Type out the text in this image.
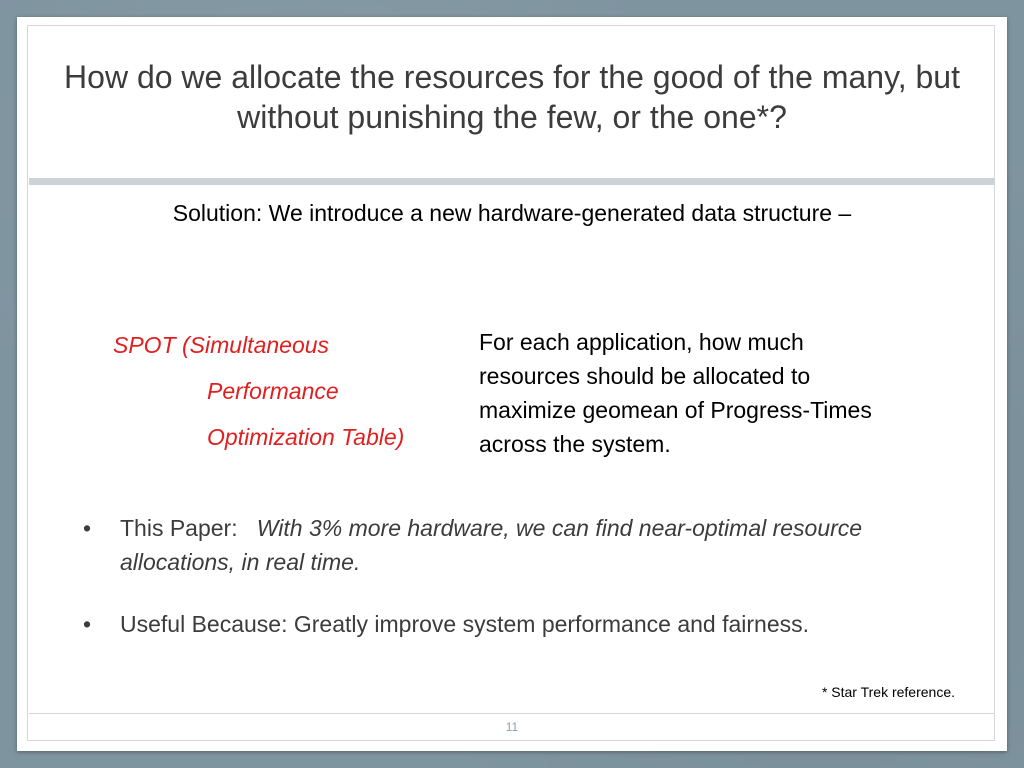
How do we allocate the resources for the good of the many, but without punishing the few, or the one*?

Solution: We introduce a new hardware-generated data structure –

SPOT (Simultaneous
Performance
Optimization Table)

For each application, how much resources should be allocated to maximize geomean of Progress-Times across the system.

• This Paper:   With 3% more hardware, we can find near-optimal resource allocations, in real time.
• Useful Because: Greatly improve system performance and fairness.

* Star Trek reference.

11
